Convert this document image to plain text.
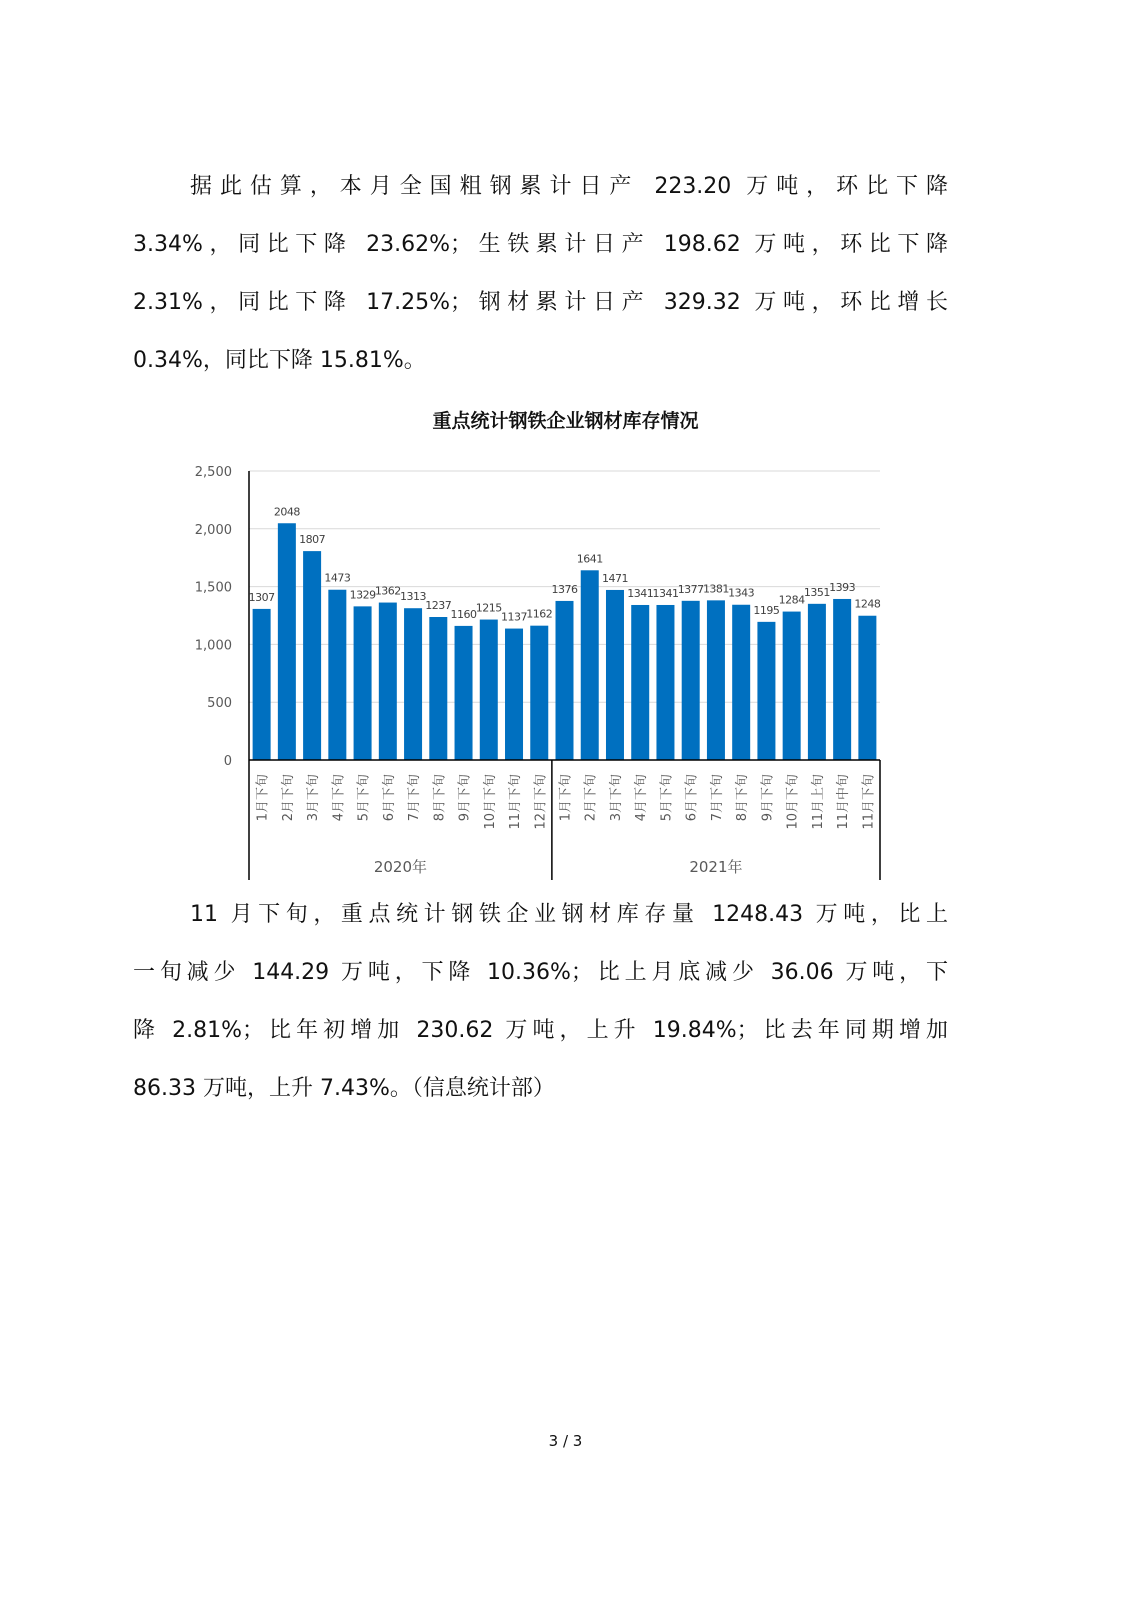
据此估算，本月全国粗钢累计日产 223.20 万吨，环比下降
3.34%，同比下降 23.62%；生铁累计日产 198.62 万吨，环比下降
2.31%，同比下降 17.25%；钢材累计日产 329.32 万吨，环比增长
0.34%，同比下降 15.81%。
重点统计钢铁企业钢材库存情况
0
500
1,000
1,500
2,000
2,500
1307
1月下旬
2048
2月下旬
1807
3月下旬
1473
4月下旬
1329
5月下旬
1362
6月下旬
1313
7月下旬
1237
8月下旬
1160
9月下旬
1215
10月下旬
1137
11月下旬
1162
12月下旬
1376
1月下旬
1641
2月下旬
1471
3月下旬
1341
4月下旬
1341
5月下旬
1377
6月下旬
1381
7月下旬
1343
8月下旬
1195
9月下旬
1284
10月下旬
1351
11月上旬
1393
11月中旬
1248
11月下旬
2020年	2021年
11 月下旬，重点统计钢铁企业钢材库存量 1248.43 万吨，比上
一旬减少 144.29 万吨，下降 10.36%；比上月底减少 36.06 万吨，下
降 2.81%；比年初增加 230.62 万吨，上升 19.84%；比去年同期增加
86.33 万吨，上升 7.43%。（信息统计部）
3 / 3
